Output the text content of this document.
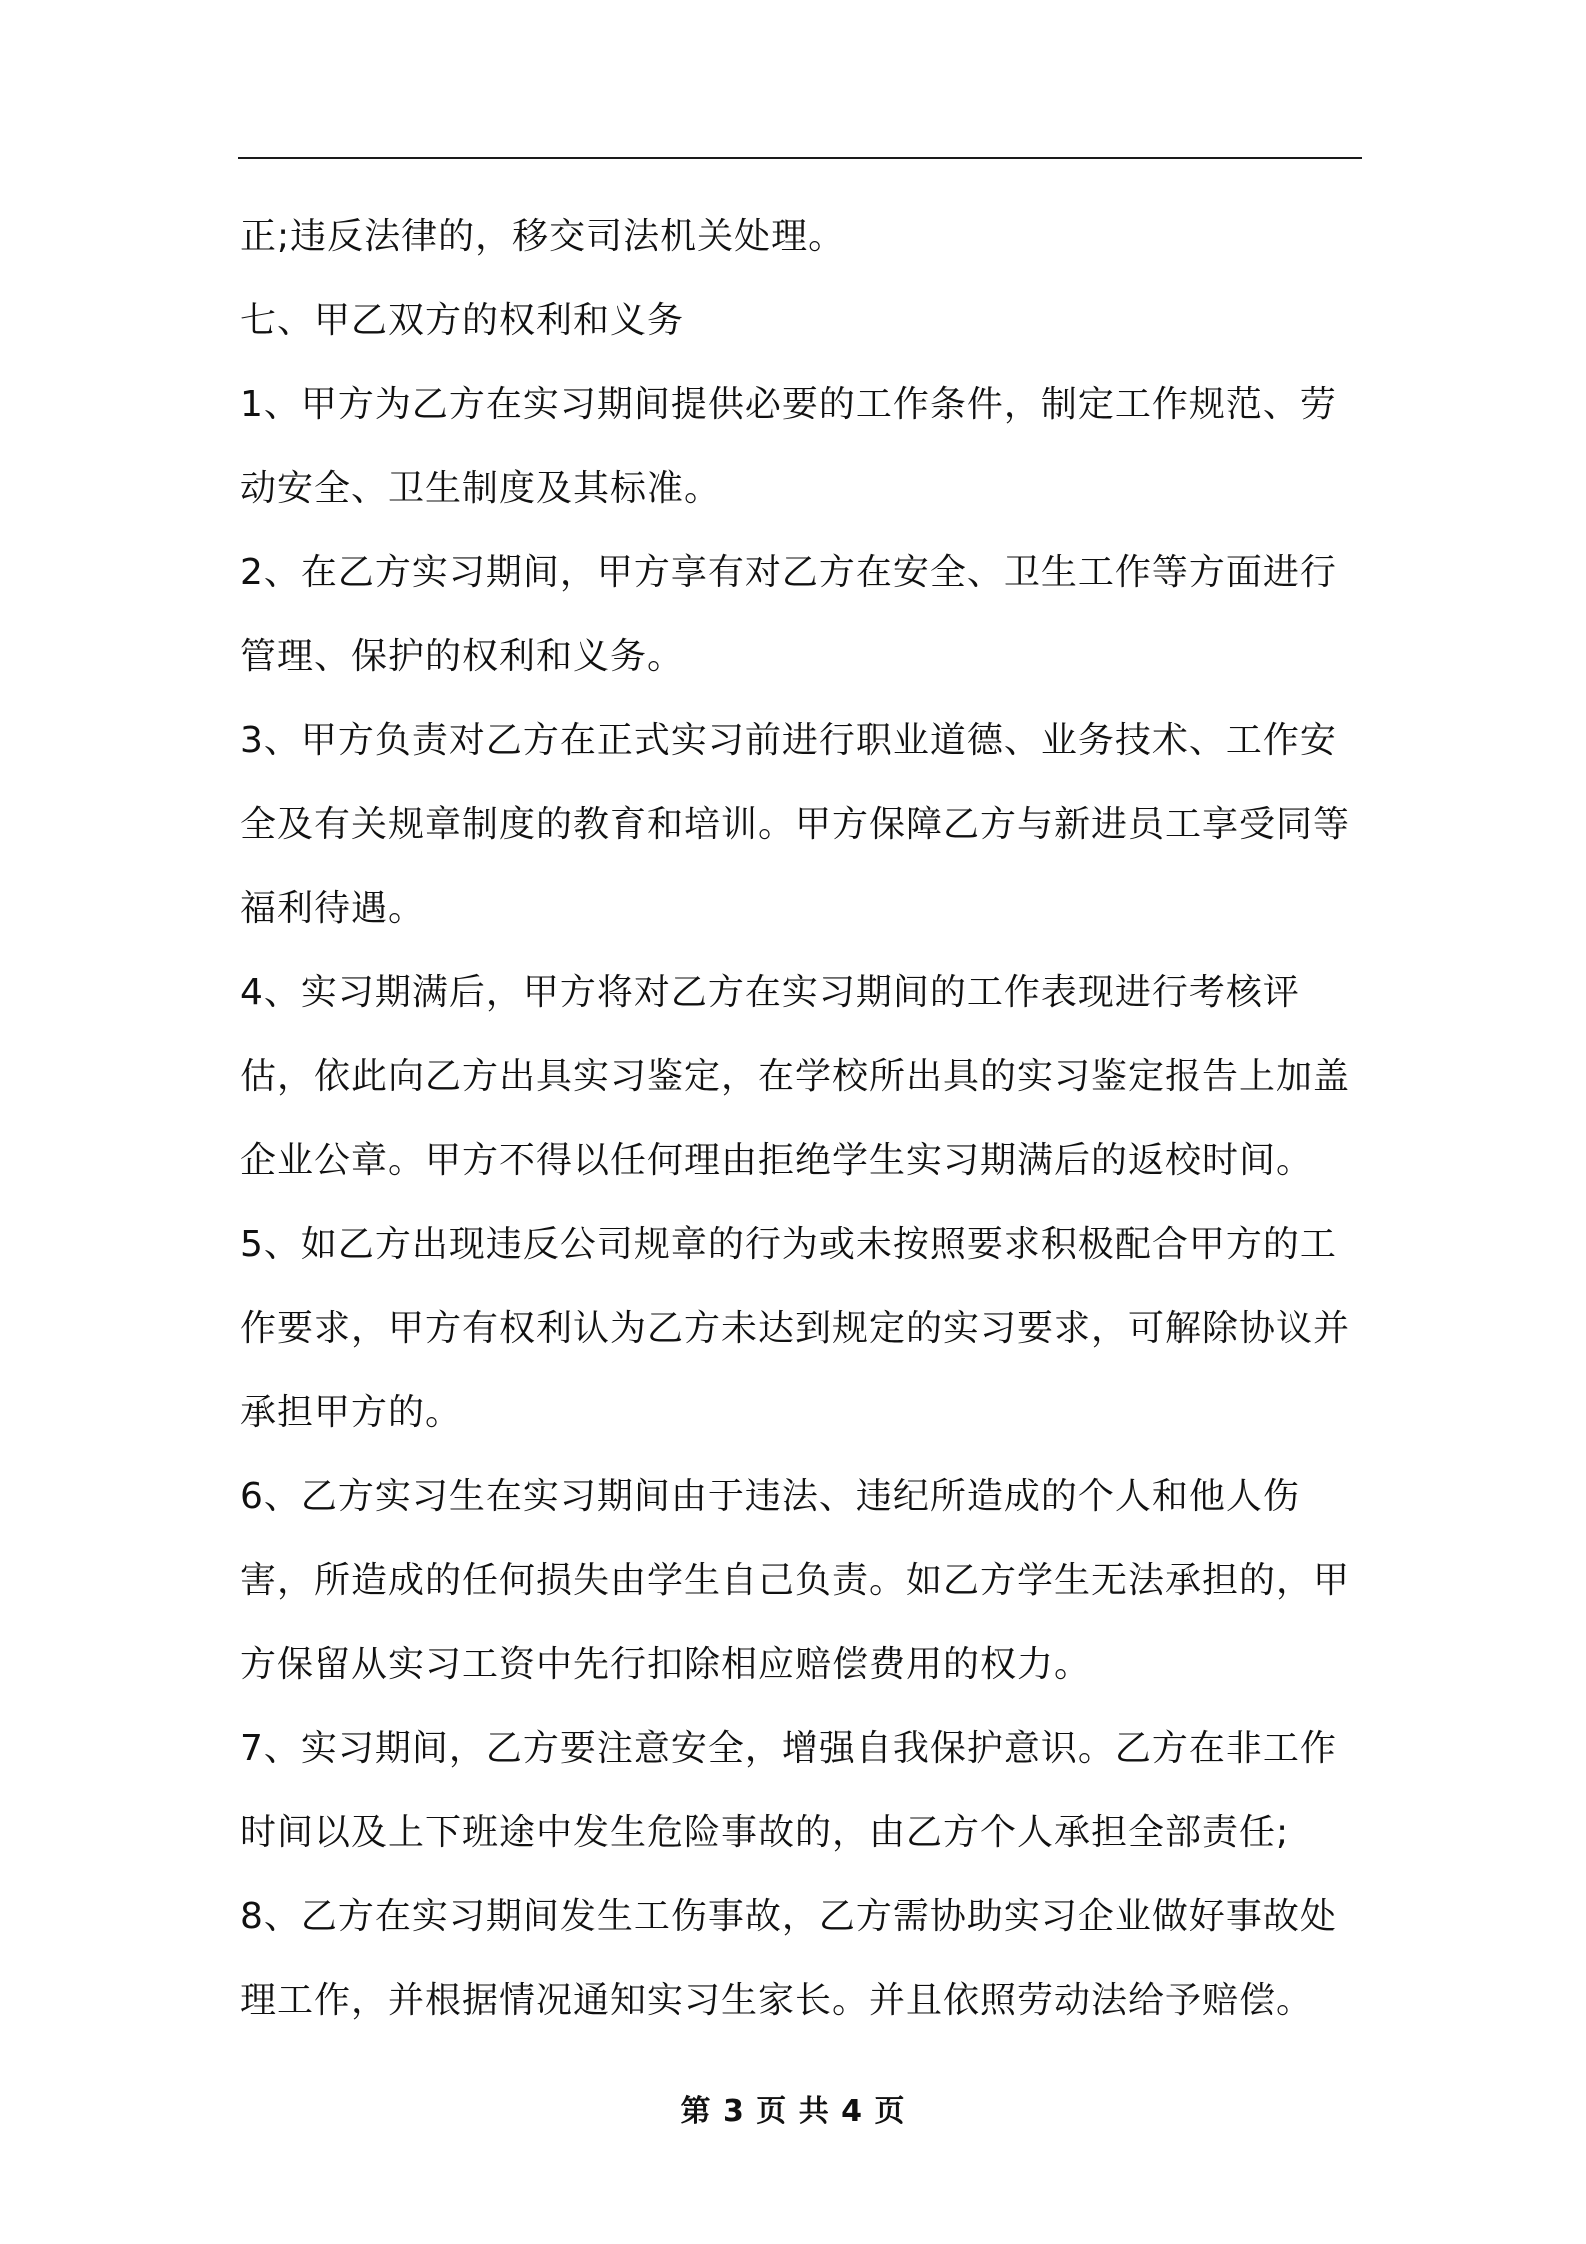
正;违反法律的，移交司法机关处理。

七、甲乙双方的权利和义务

1、甲方为乙方在实习期间提供必要的工作条件，制定工作规范、劳动安全、卫生制度及其标准。

2、在乙方实习期间，甲方享有对乙方在安全、卫生工作等方面进行管理、保护的权利和义务。

3、甲方负责对乙方在正式实习前进行职业道德、业务技术、工作安全及有关规章制度的教育和培训。甲方保障乙方与新进员工享受同等福利待遇。

4、实习期满后，甲方将对乙方在实习期间的工作表现进行考核评估，依此向乙方出具实习鉴定，在学校所出具的实习鉴定报告上加盖企业公章。甲方不得以任何理由拒绝学生实习期满后的返校时间。

5、如乙方出现违反公司规章的行为或未按照要求积极配合甲方的工作要求，甲方有权利认为乙方未达到规定的实习要求，可解除协议并承担甲方的。

6、乙方实习生在实习期间由于违法、违纪所造成的个人和他人伤害，所造成的任何损失由学生自己负责。如乙方学生无法承担的，甲方保留从实习工资中先行扣除相应赔偿费用的权力。

7、实习期间，乙方要注意安全，增强自我保护意识。乙方在非工作时间以及上下班途中发生危险事故的，由乙方个人承担全部责任;

8、乙方在实习期间发生工伤事故，乙方需协助实习企业做好事故处理工作，并根据情况通知实习生家长。并且依照劳动法给予赔偿。

第 3 页 共 4 页
